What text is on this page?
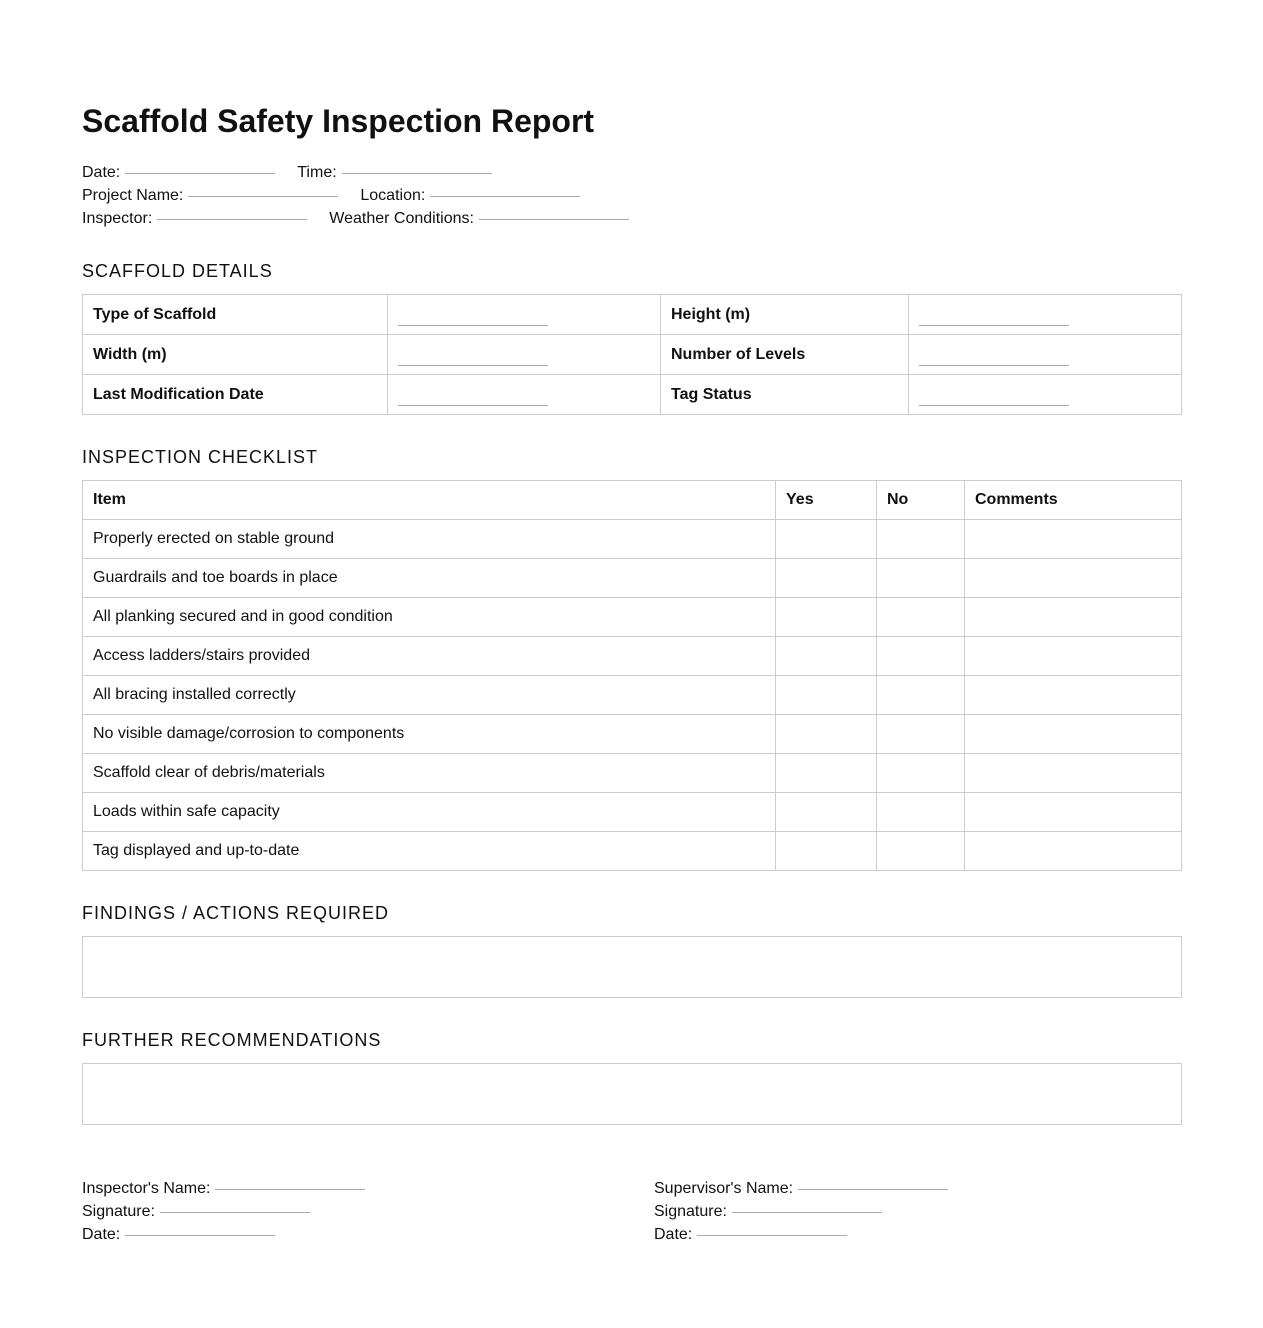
Scaffold Safety Inspection Report
Date:	Time:
Project Name:	Location:
Inspector:	Weather Conditions:
SCAFFOLD DETAILS
Type of Scaffold		Height (m)	
Width (m)		Number of Levels	
Last Modification Date		Tag Status	
INSPECTION CHECKLIST
Item	Yes	No	Comments
Properly erected on stable ground			
Guardrails and toe boards in place			
All planking secured and in good condition			
Access ladders/stairs provided			
All bracing installed correctly			
No visible damage/corrosion to components			
Scaffold clear of debris/materials			
Loads within safe capacity			
Tag displayed and up-to-date			
FINDINGS / ACTIONS REQUIRED
FURTHER RECOMMENDATIONS
Inspector's Name:
Signature:
Date:
Supervisor's Name:
Signature:
Date:
